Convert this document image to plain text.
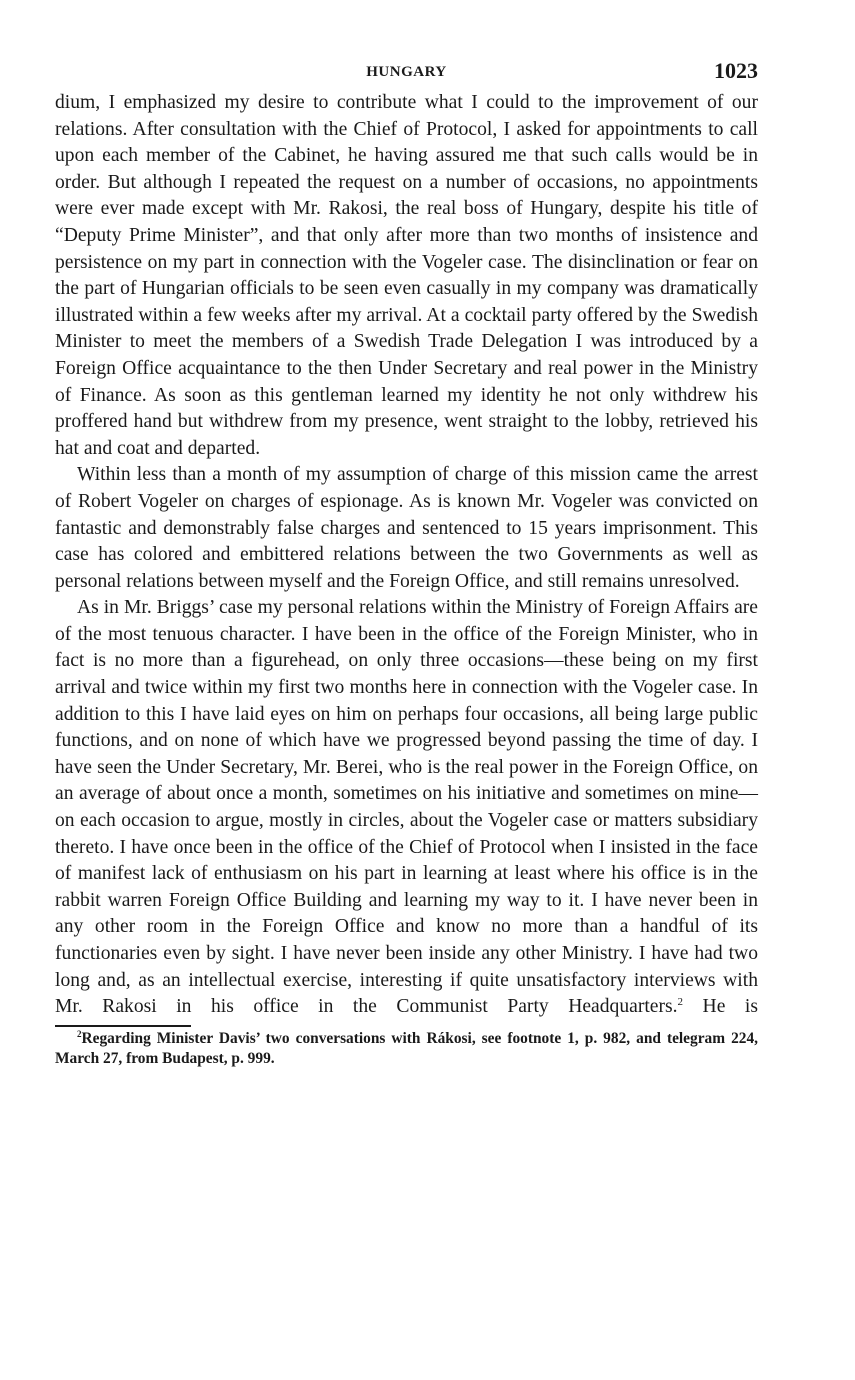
HUNGARY	1023

dium, I emphasized my desire to contribute what I could to the improvement of our relations. After consultation with the Chief of Protocol, I asked for appointments to call upon each member of the Cabinet, he having assured me that such calls would be in order. But although I repeated the request on a number of occasions, no appointments were ever made except with Mr. Rakosi, the real boss of Hungary, despite his title of “Deputy Prime Minister”, and that only after more than two months of insistence and persistence on my part in connection with the Vogeler case. The disinclination or fear on the part of Hungarian officials to be seen even casually in my company was dramatically illustrated within a few weeks after my arrival. At a cocktail party offered by the Swedish Minister to meet the members of a Swedish Trade Delegation I was introduced by a Foreign Office acquaintance to the then Under Secretary and real power in the Ministry of Finance. As soon as this gentleman learned my identity he not only withdrew his proffered hand but withdrew from my presence, went straight to the lobby, retrieved his hat and coat and departed.

Within less than a month of my assumption of charge of this mission came the arrest of Robert Vogeler on charges of espionage. As is known Mr. Vogeler was convicted on fantastic and demonstrably false charges and sentenced to 15 years imprisonment. This case has colored and embittered relations between the two Governments as well as personal relations between myself and the Foreign Office, and still remains unresolved.

As in Mr. Briggs’ case my personal relations within the Ministry of Foreign Affairs are of the most tenuous character. I have been in the office of the Foreign Minister, who in fact is no more than a figurehead, on only three occasions—these being on my first arrival and twice within my first two months here in connection with the Vogeler case. In addition to this I have laid eyes on him on perhaps four occasions, all being large public functions, and on none of which have we progressed beyond passing the time of day. I have seen the Under Secretary, Mr. Berei, who is the real power in the Foreign Office, on an average of about once a month, sometimes on his initiative and sometimes on mine—on each occasion to argue, mostly in circles, about the Vogeler case or matters subsidiary thereto. I have once been in the office of the Chief of Protocol when I insisted in the face of manifest lack of enthusiasm on his part in learning at least where his office is in the rabbit warren Foreign Office Building and learning my way to it. I have never been in any other room in the Foreign Office and know no more than a handful of its functionaries even by sight. I have never been inside any other Ministry. I have had two long and, as an intellectual exercise, interesting if quite unsatisfactory interviews with Mr. Rakosi in his office in the Communist Party Headquarters.$^2$ He is

$^2$Regarding Minister Davis’ two conversations with Rákosi, see footnote 1, p. 982, and telegram 224, March 27, from Budapest, p. 999.
